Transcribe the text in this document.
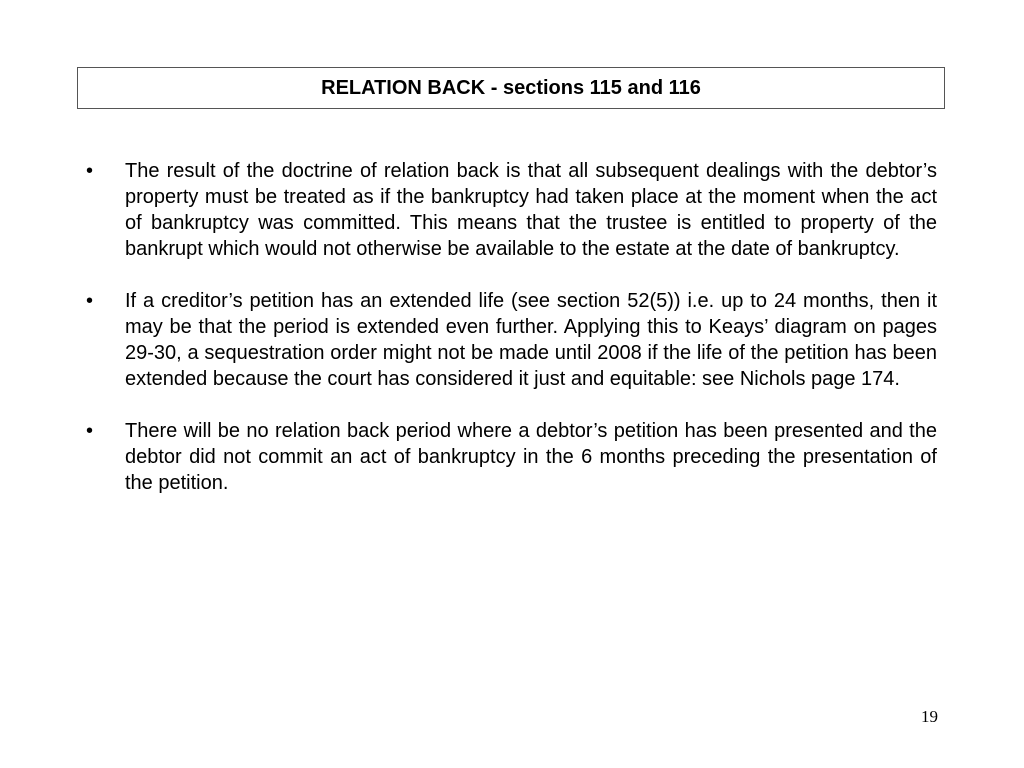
RELATION BACK - sections 115 and 116
• The result of the doctrine of relation back is that all subsequent dealings with the debtor’s property must be treated as if the bankruptcy had taken place at the moment when the act of bankruptcy was committed. This means that the trustee is entitled to property of the bankrupt which would not otherwise be available to the estate at the date of bankruptcy.
• If a creditor’s petition has an extended life (see section 52(5)) i.e. up to 24 months, then it may be that the period is extended even further. Applying this to Keays’ diagram on pages 29-30, a sequestration order might not be made until 2008 if the life of the petition has been extended because the court has considered it just and equitable: see Nichols page 174.
• There will be no relation back period where a debtor’s petition has been presented and the debtor did not commit an act of bankruptcy in the 6 months preceding the presentation of the petition.
19
